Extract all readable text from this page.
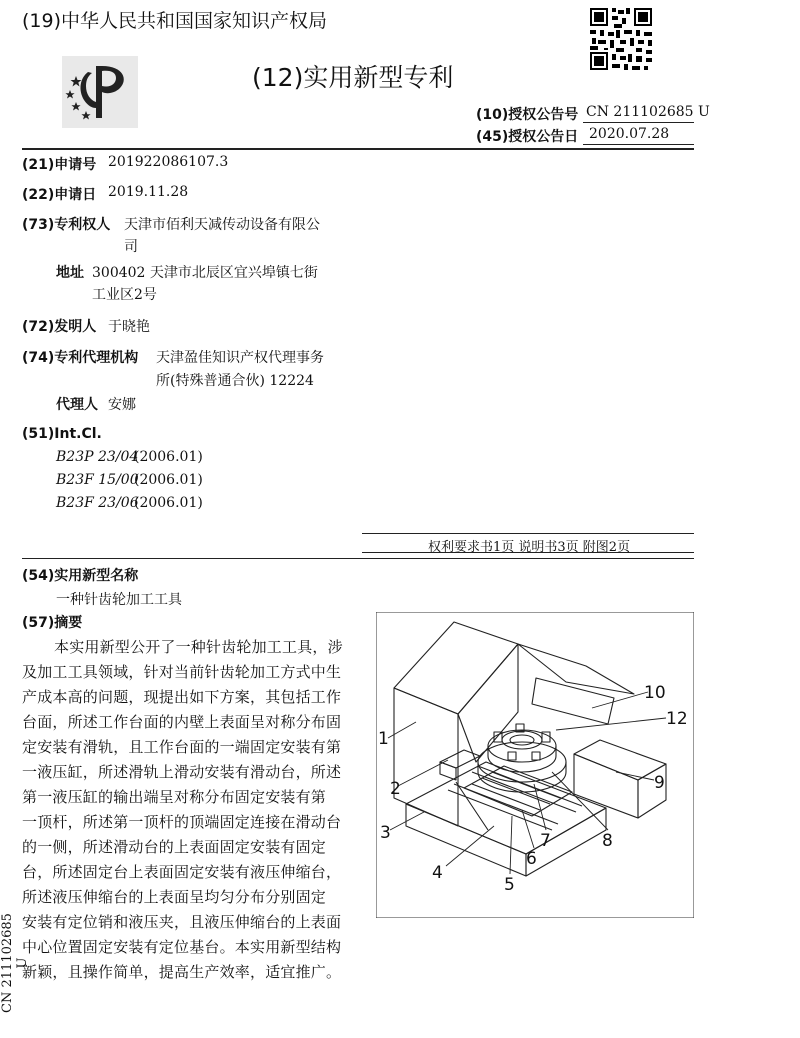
(19)中华人民共和国国家知识产权局
(12)实用新型专利
(10)授权公告号 CN 211102685 U
(45)授权公告日 2020.07.28
(21)申请号 201922086107.3
(22)申请日 2019.11.28
(73)专利权人 天津市佰利天减传动设备有限公
司
地址 300402 天津市北辰区宜兴埠镇七街
工业区2号
(72)发明人 于晓艳
(74)专利代理机构 天津盈佳知识产权代理事务
所(特殊普通合伙) 12224
代理人 安娜
(51)Int.Cl.
B23P 23/04
(2006.01)
B23F 15/00
(2006.01)
B23F 23/06
(2006.01)
权利要求书1页 说明书3页 附图2页
(54)实用新型名称
一种针齿轮加工工具
(57)摘要
本实用新型公开了一种针齿轮加工工具，涉
及加工工具领域，针对当前针齿轮加工方式中生
产成本高的问题，现提出如下方案，其包括工作
台面，所述工作台面的内壁上表面呈对称分布固
定安装有滑轨，且工作台面的一端固定安装有第
一液压缸，所述滑轨上滑动安装有滑动台，所述
第一液压缸的输出端呈对称分布固定安装有第
一顶杆，所述第一顶杆的顶端固定连接在滑动台
的一侧，所述滑动台的上表面固定安装有固定
台，所述固定台上表面固定安装有液压伸缩台，
所述液压伸缩台的上表面呈均匀分布分别固定
安装有定位销和液压夹，且液压伸缩台的上表面
中心位置固定安装有定位基台。本实用新型结构
新颖，且操作简单，提高生产效率，适宜推广。
CN 211102685 U
1
2
3
4
5
6
7	8
9
10
12
